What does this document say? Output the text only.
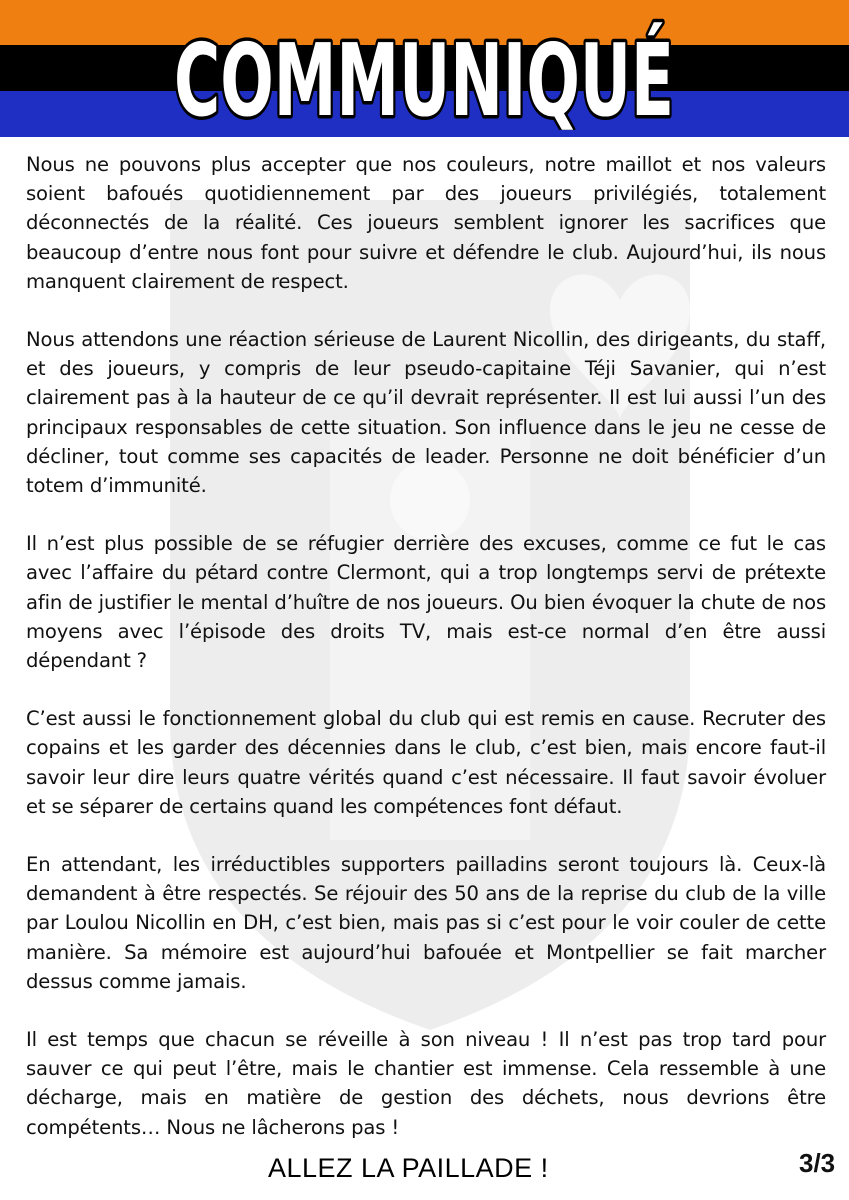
COMMUNIQUÉ

Nous ne pouvons plus accepter que nos couleurs, notre maillot et nos valeurs soient bafoués quotidiennement par des joueurs privilégiés, totalement déconnectés de la réalité. Ces joueurs semblent ignorer les sacrifices que beaucoup d’entre nous font pour suivre et défendre le club. Aujourd’hui, ils nous manquent clairement de respect.

Nous attendons une réaction sérieuse de Laurent Nicollin, des dirigeants, du staff, et des joueurs, y compris de leur pseudo-capitaine Téji Savanier, qui n’est clairement pas à la hauteur de ce qu’il devrait représenter. Il est lui aussi l’un des principaux responsables de cette situation. Son influence dans le jeu ne cesse de décliner, tout comme ses capacités de leader. Personne ne doit bénéficier d’un totem d’immunité.

Il n’est plus possible de se réfugier derrière des excuses, comme ce fut le cas avec l’affaire du pétard contre Clermont, qui a trop longtemps servi de prétexte afin de justifier le mental d’huître de nos joueurs. Ou bien évoquer la chute de nos moyens avec l’épisode des droits TV, mais est-ce normal d’en être aussi dépendant ?

C’est aussi le fonctionnement global du club qui est remis en cause. Recruter des copains et les garder des décennies dans le club, c’est bien, mais encore faut-il savoir leur dire leurs quatre vérités quand c’est nécessaire. Il faut savoir évoluer et se séparer de certains quand les compétences font défaut.

En attendant, les irréductibles supporters pailladins seront toujours là. Ceux-là demandent à être respectés. Se réjouir des 50 ans de la reprise du club de la ville par Loulou Nicollin en DH, c’est bien, mais pas si c’est pour le voir couler de cette manière. Sa mémoire est aujourd’hui bafouée et Montpellier se fait marcher dessus comme jamais.

Il est temps que chacun se réveille à son niveau ! Il n’est pas trop tard pour sauver ce qui peut l’être, mais le chantier est immense. Cela ressemble à une décharge, mais en matière de gestion des déchets, nous devrions être compétents… Nous ne lâcherons pas !

ALLEZ LA PAILLADE !	3/3
